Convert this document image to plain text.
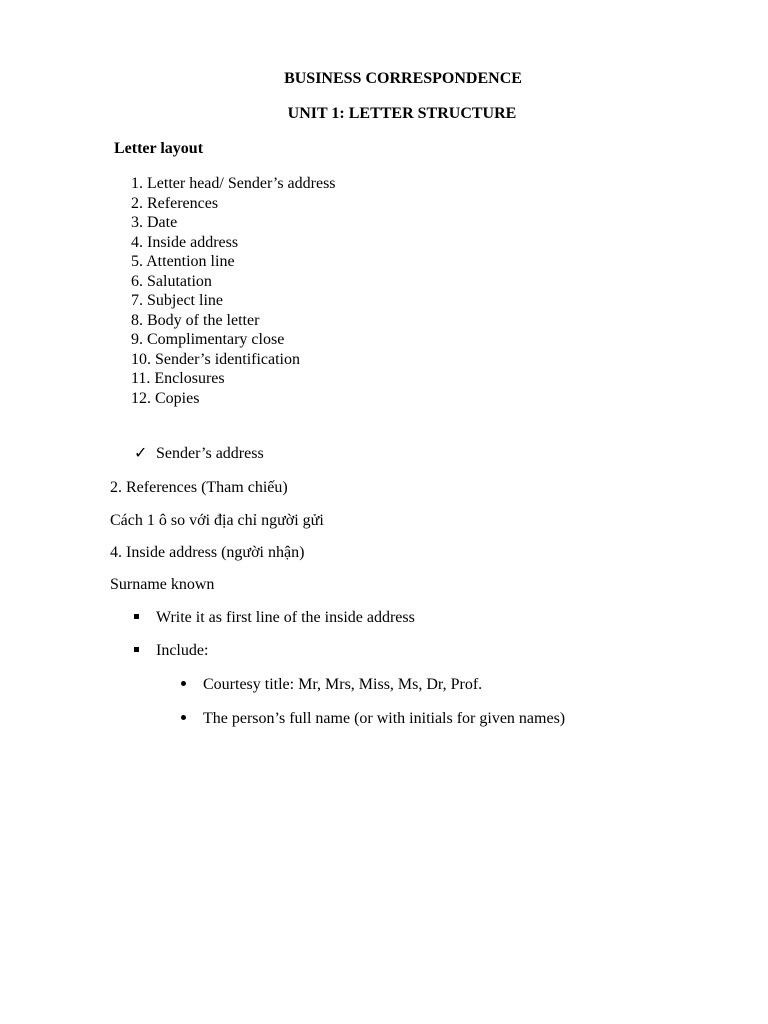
BUSINESS CORRESPONDENCE
UNIT 1: LETTER STRUCTURE
Letter layout
1. Letter head/ Sender’s address
2. References
3. Date
4. Inside address
5. Attention line
6. Salutation
7. Subject line
8. Body of the letter
9. Complimentary close
10. Sender’s identification
11. Enclosures
12. Copies
✓ Sender’s address
2. References (Tham chiếu)
Cách 1 ô so với địa chỉ người gửi
4. Inside address (người nhận)
Surname known
Write it as first line of the inside address
Include:
Courtesy title: Mr, Mrs, Miss, Ms, Dr, Prof.
The person’s full name (or with initials for given names)
